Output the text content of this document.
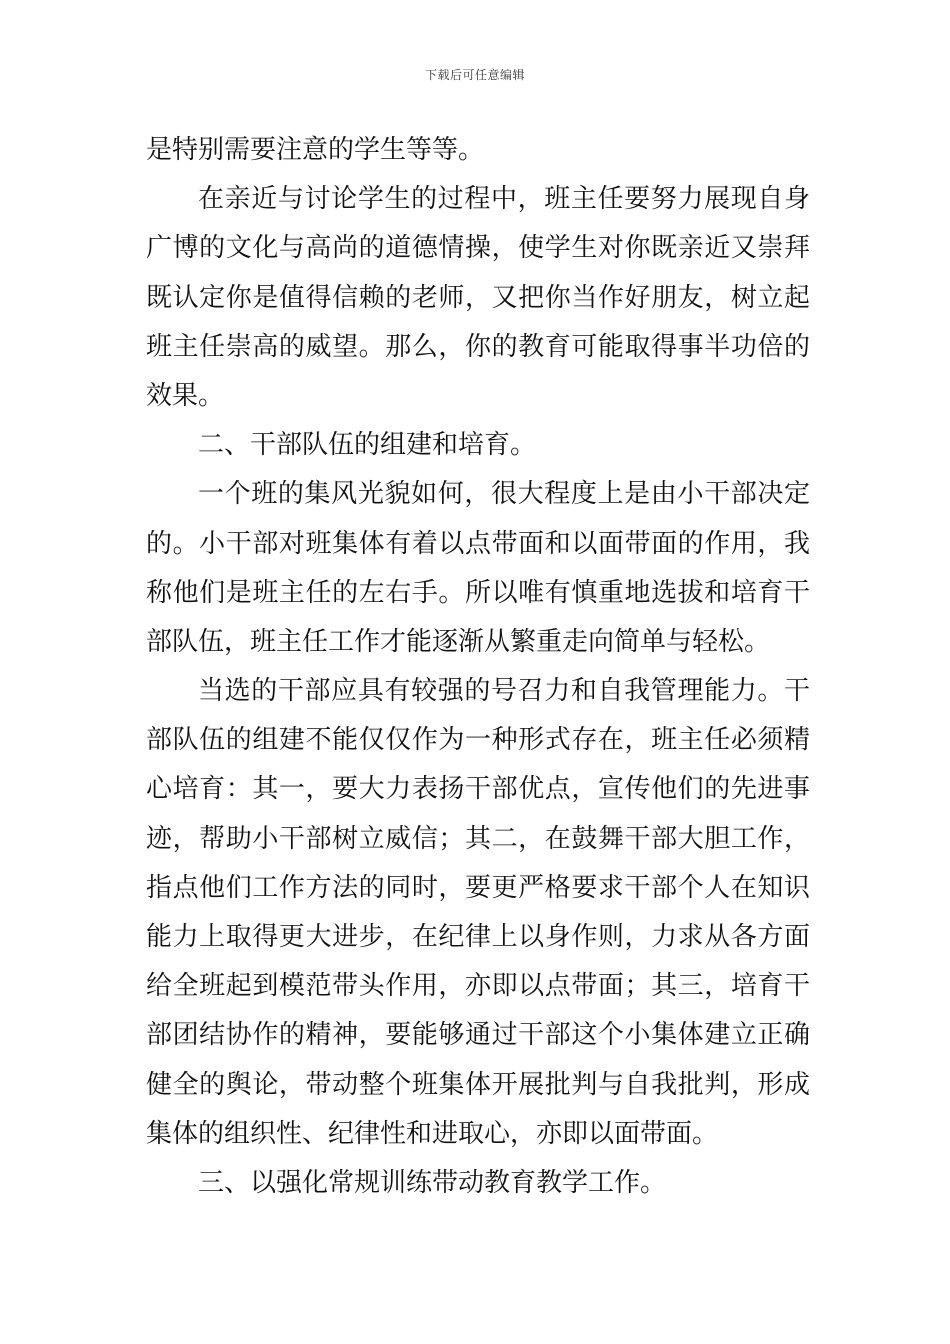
下载后可任意编辑
是特别需要注意的学生等等。
在亲近与讨论学生的过程中，班主任要努力展现自身
广博的文化与高尚的道德情操，使学生对你既亲近又崇拜
既认定你是值得信赖的老师，又把你当作好朋友，树立起
班主任崇高的威望。那么，你的教育可能取得事半功倍的
效果。
二、干部队伍的组建和培育。
一个班的集风光貌如何，很大程度上是由小干部决定
的。小干部对班集体有着以点带面和以面带面的作用，我
称他们是班主任的左右手。所以唯有慎重地选拔和培育干
部队伍，班主任工作才能逐渐从繁重走向简单与轻松。
当选的干部应具有较强的号召力和自我管理能力。干
部队伍的组建不能仅仅作为一种形式存在，班主任必须精
心培育：其一，要大力表扬干部优点，宣传他们的先进事
迹，帮助小干部树立威信；其二，在鼓舞干部大胆工作，
指点他们工作方法的同时，要更严格要求干部个人在知识
能力上取得更大进步，在纪律上以身作则，力求从各方面
给全班起到模范带头作用，亦即以点带面；其三，培育干
部团结协作的精神，要能够通过干部这个小集体建立正确
健全的舆论，带动整个班集体开展批判与自我批判，形成
集体的组织性、纪律性和进取心，亦即以面带面。
三、以强化常规训练带动教育教学工作。
